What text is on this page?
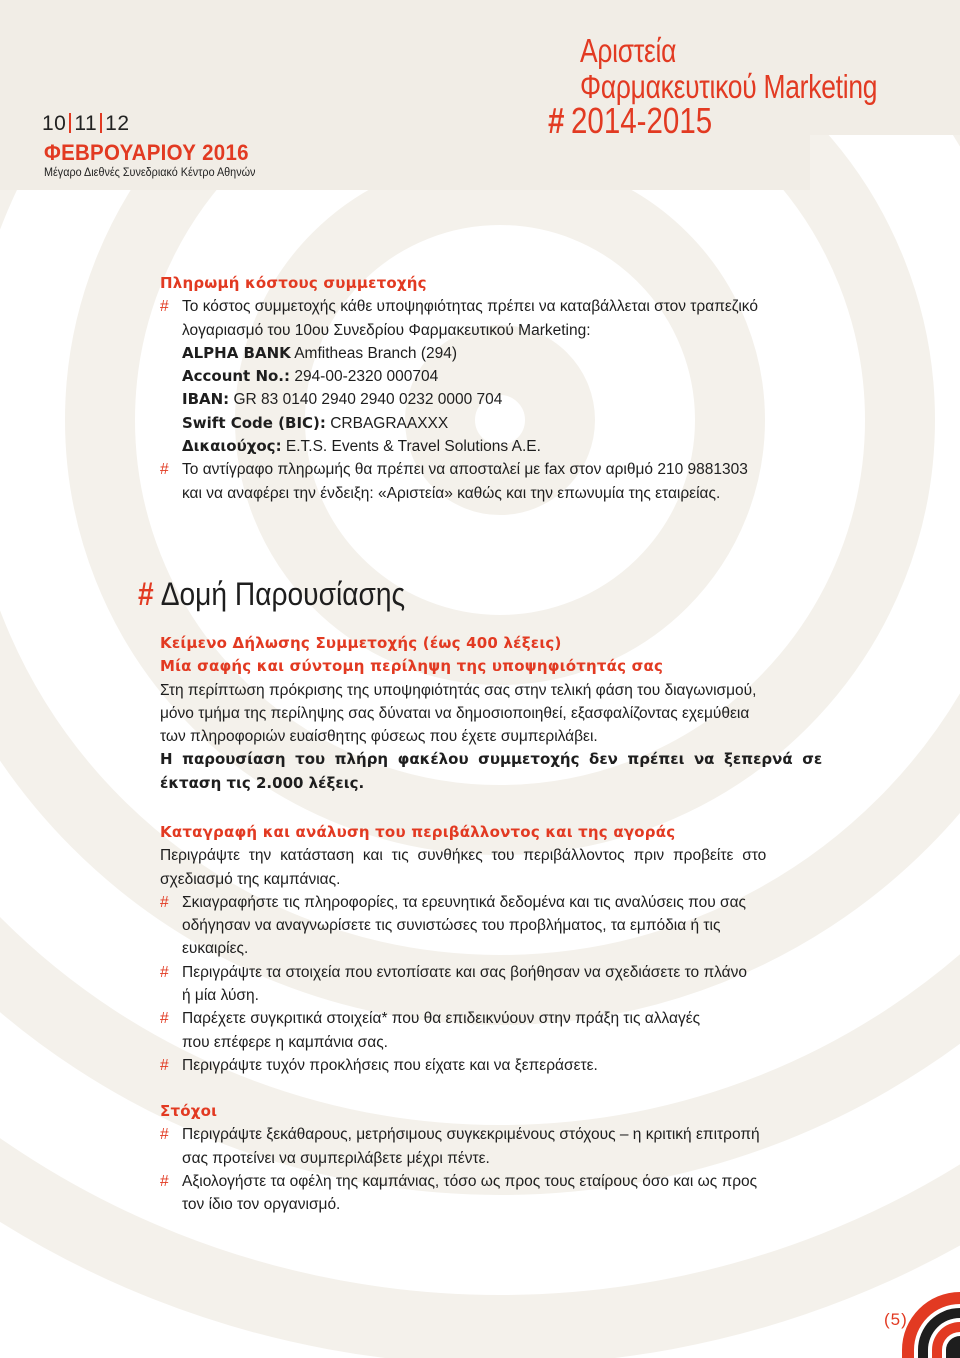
10 11 12
ΦΕΒΡΟΥΑΡΙΟΥ 2016
Μέγαρο Διεθνές Συνεδριακό Κέντρο Αθηνών
Αριστεία
Φαρμακευτικού Marketing
# 2014-2015
Πληρωμή κόστους συμμετοχής
# Το κόστος συμμετοχής κάθε υποψηφιότητας πρέπει να καταβάλλεται στον τραπεζικό
λογαριασμό του 10ου Συνεδρίου Φαρμακευτικού Marketing:
ALPHA BANK Amfitheas Branch (294)
Account No.: 294-00-2320 000704
IBAN: GR 83 0140 2940 2940 0232 0000 704
Swift Code (BIC): CRBAGRAAXXX
Δικαιούχος: E.T.S. Events & Travel Solutions A.E.
# Το αντίγραφο πληρωμής θα πρέπει να αποσταλεί με fax στον αριθμό 210 9881303
και να αναφέρει την ένδειξη: «Αριστεία» καθώς και την επωνυμία της εταιρείας.
# Δομή Παρουσίασης
Κείμενο Δήλωσης Συμμετοχής (έως 400 λέξεις)
Μία σαφής και σύντομη περίληψη της υποψηφιότητάς σας
Στη περίπτωση πρόκρισης της υποψηφιότητάς σας στην τελική φάση του διαγωνισμού,
μόνο τμήμα της περίληψης σας δύναται να δημοσιοποιηθεί, εξασφαλίζοντας εχεμύθεια
των πληροφοριών ευαίσθητης φύσεως που έχετε συμπεριλάβει.
Η παρουσίαση του πλήρη φακέλου συμμετοχής δεν πρέπει να ξεπερνά σε
έκταση τις 2.000 λέξεις.
Καταγραφή και ανάλυση του περιβάλλοντος και της αγοράς
Περιγράψτε την κατάσταση και τις συνθήκες του περιβάλλοντος πριν προβείτε στο
σχεδιασμό της καμπάνιας.
# Σκιαγραφήστε τις πληροφορίες, τα ερευνητικά δεδομένα και τις αναλύσεις που σας
οδήγησαν να αναγνωρίσετε τις συνιστώσες του προβλήματος, τα εμπόδια ή τις
ευκαιρίες.
# Περιγράψτε τα στοιχεία που εντοπίσατε και σας βοήθησαν να σχεδιάσετε το πλάνο
ή μία λύση.
# Παρέχετε συγκριτικά στοιχεία* που θα επιδεικνύουν στην πράξη τις αλλαγές
που επέφερε η καμπάνια σας.
# Περιγράψτε τυχόν προκλήσεις που είχατε και να ξεπεράσετε.
Στόχοι
# Περιγράψτε ξεκάθαρους, μετρήσιμους συγκεκριμένους στόχους – η κριτική επιτροπή
σας προτείνει να συμπεριλάβετε μέχρι πέντε.
# Αξιολογήστε τα οφέλη της καμπάνιας, τόσο ως προς τους εταίρους όσο και ως προς
τον ίδιο τον οργανισμό.
(5)
